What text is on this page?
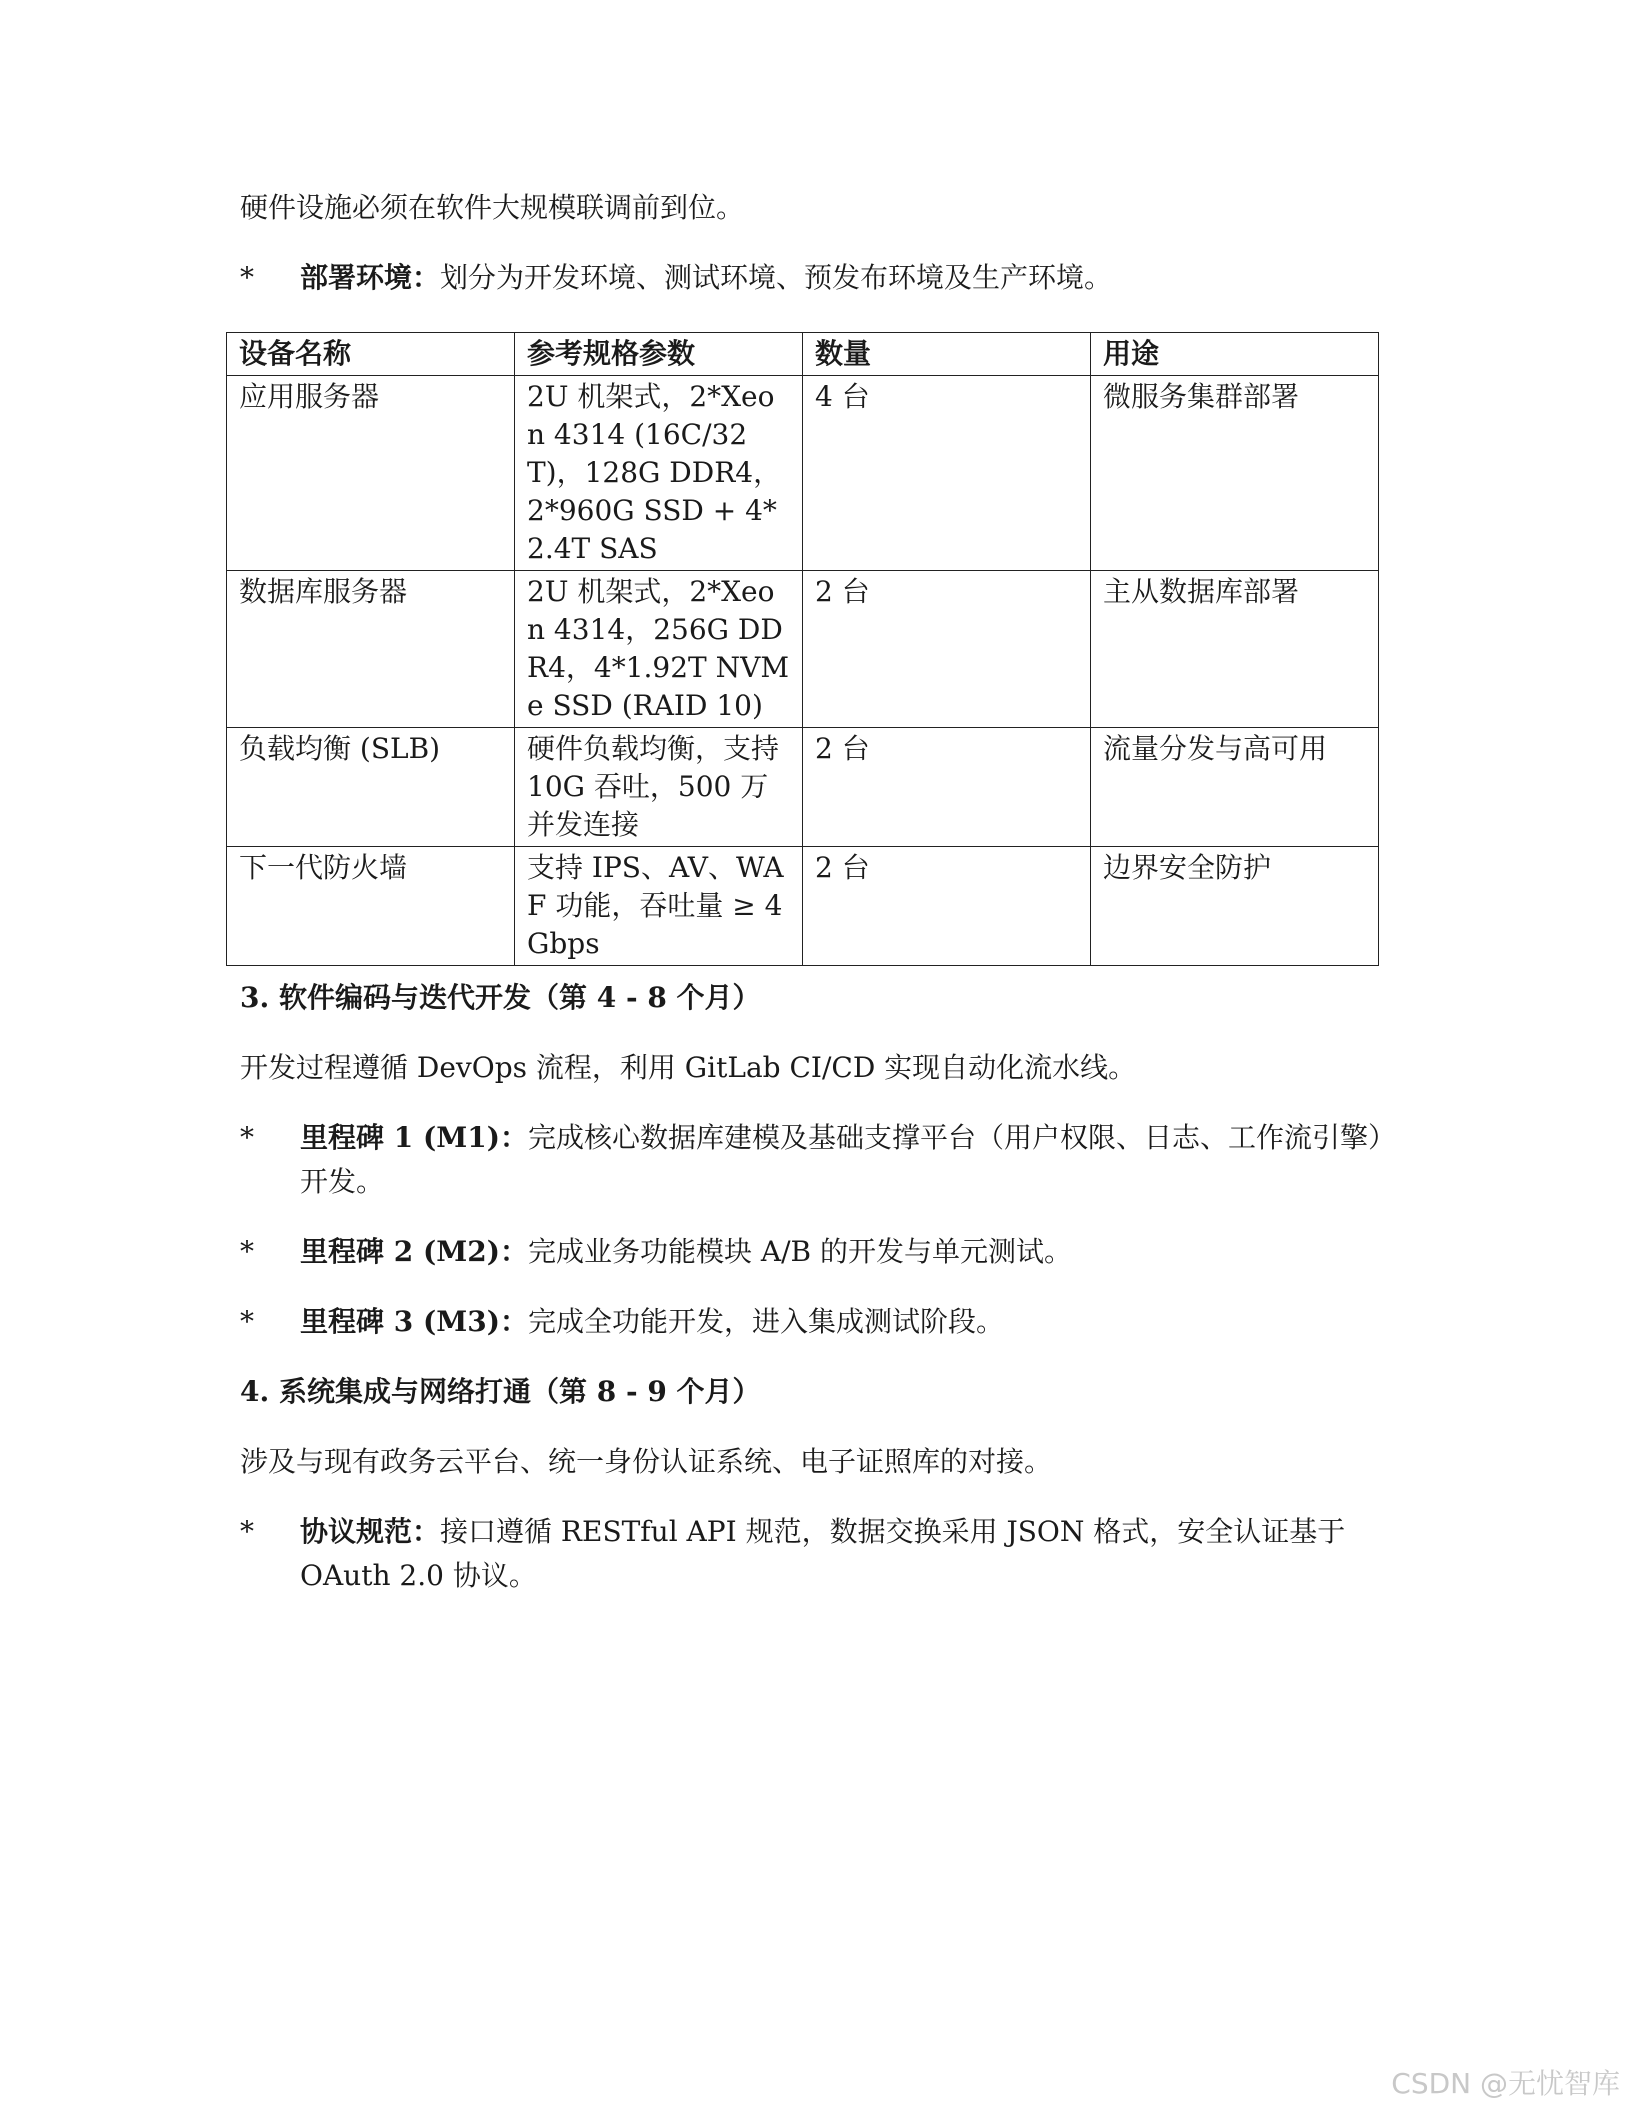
硬件设施必须在软件大规模联调前到位。

*	部署环境：划分为开发环境、测试环境、预发布环境及生产环境。
设备名称	参考规格参数	数量	用途
应用服务器	2U 机架式，2*Xeon 4314 (16C/32T)，128G DDR4，2*960G SSD + 4*2.4T SAS	4 台	微服务集群部署
数据库服务器	2U 机架式，2*Xeon 4314，256G DDR4，4*1.92T NVMe SSD (RAID 10)	2 台	主从数据库部署
负载均衡 (SLB)	硬件负载均衡，支持 10G 吞吐，500 万并发连接	2 台	流量分发与高可用
下一代防火墙	支持 IPS、AV、WAF 功能，吞吐量 ≥ 4Gbps	2 台	边界安全防护

3. 软件编码与迭代开发（第 4 - 8 个月）

开发过程遵循 DevOps 流程，利用 GitLab CI/CD 实现自动化流水线。

*	里程碑 1 (M1)：完成核心数据库建模及基础支撑平台（用户权限、日志、工作流引擎）开发。
*	里程碑 2 (M2)：完成业务功能模块 A/B 的开发与单元测试。
*	里程碑 3 (M3)：完成全功能开发，进入集成测试阶段。

4. 系统集成与网络打通（第 8 - 9 个月）

涉及与现有政务云平台、统一身份认证系统、电子证照库的对接。

*	协议规范：接口遵循 RESTful API 规范，数据交换采用 JSON 格式，安全认证基于 OAuth 2.0 协议。
CSDN @无忧智库
